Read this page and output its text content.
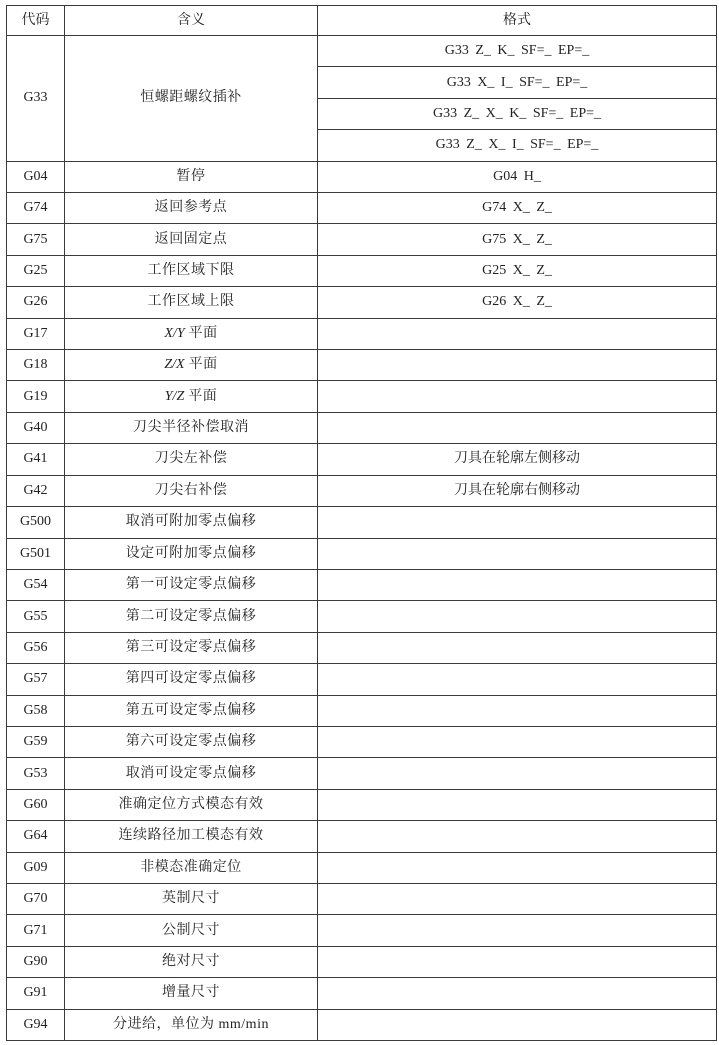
代码	含义	格式
G33	恒螺距螺纹插补	G33 Z_ K_ SF=_ EP=_
		G33 X_ I_ SF=_ EP=_
		G33 Z_ X_ K_ SF=_ EP=_
		G33 Z_ X_ I_ SF=_ EP=_
G04	暂停	G04 H_
G74	返回参考点	G74 X_ Z_
G75	返回固定点	G75 X_ Z_
G25	工作区域下限	G25 X_ Z_
G26	工作区域上限	G26 X_ Z_
G17	X/Y 平面	
G18	Z/X 平面	
G19	Y/Z 平面	
G40	刀尖半径补偿取消	
G41	刀尖左补偿	刀具在轮廓左侧移动
G42	刀尖右补偿	刀具在轮廓右侧移动
G500	取消可附加零点偏移	
G501	设定可附加零点偏移	
G54	第一可设定零点偏移	
G55	第二可设定零点偏移	
G56	第三可设定零点偏移	
G57	第四可设定零点偏移	
G58	第五可设定零点偏移	
G59	第六可设定零点偏移	
G53	取消可设定零点偏移	
G60	准确定位方式模态有效	
G64	连续路径加工模态有效	
G09	非模态准确定位	
G70	英制尺寸	
G71	公制尺寸	
G90	绝对尺寸	
G91	增量尺寸	
G94	分进给，单位为 mm/min	
